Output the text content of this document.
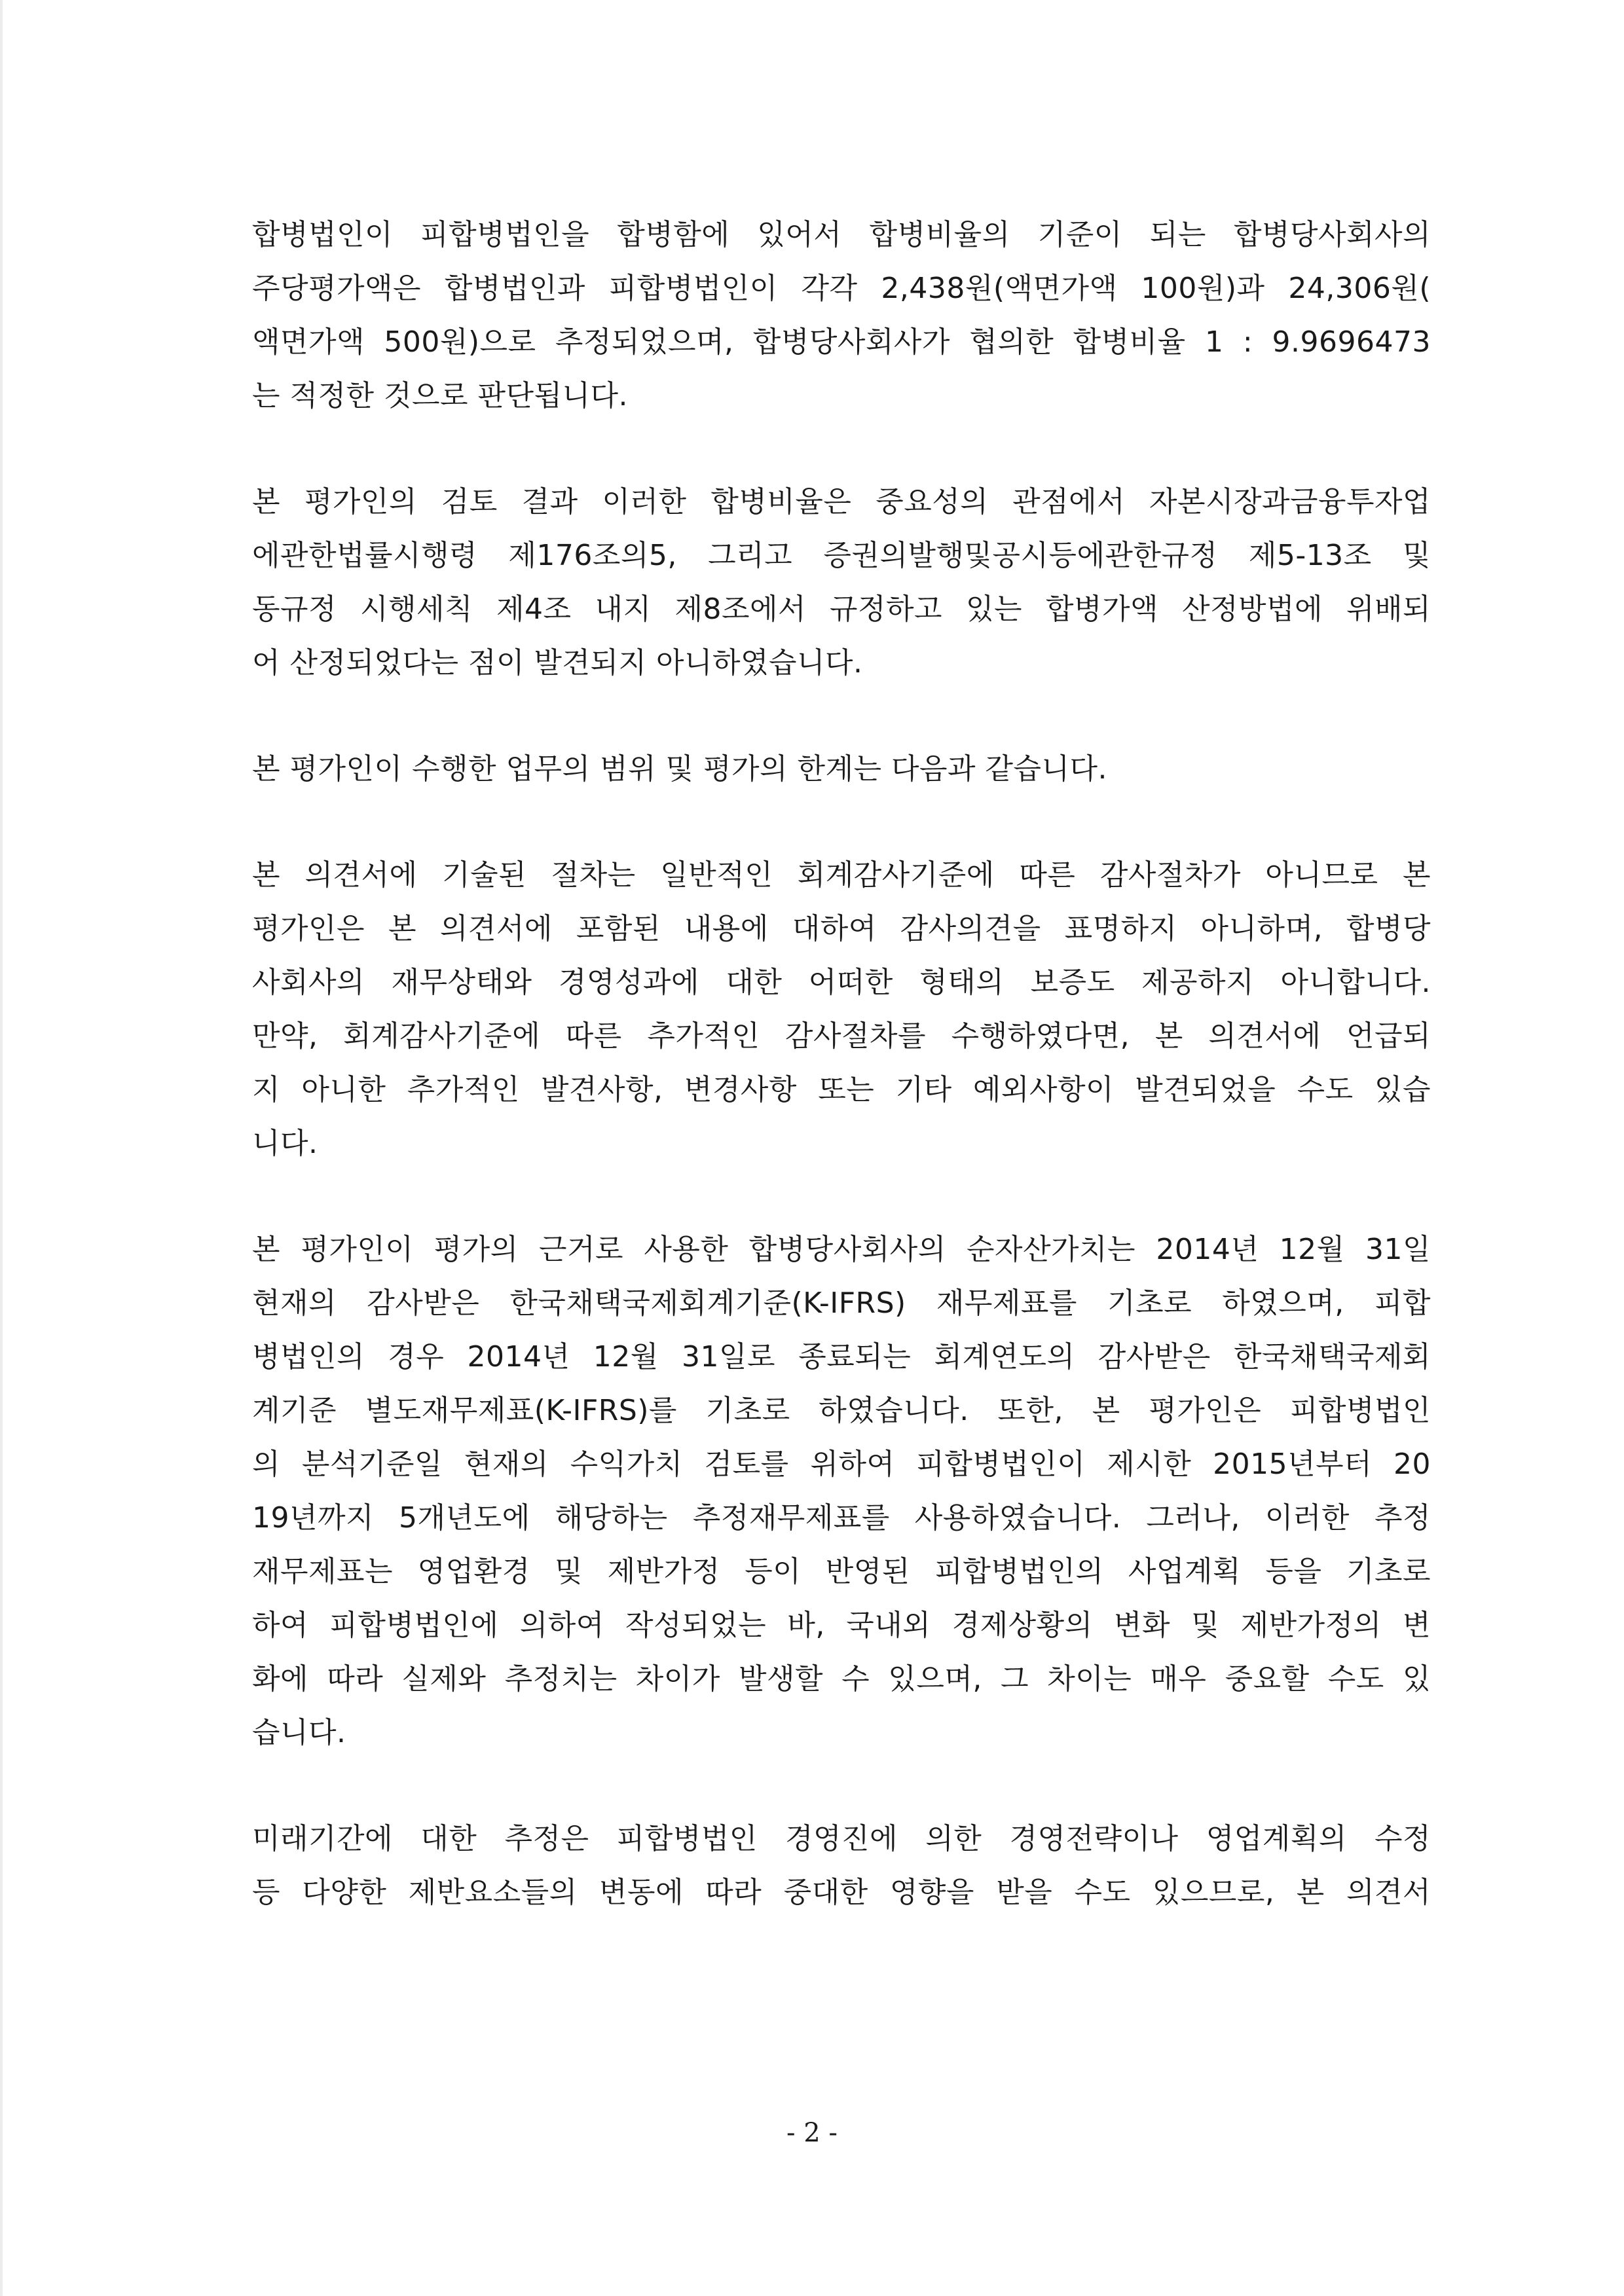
합병법인이 피합병법인을 합병함에 있어서 합병비율의 기준이 되는 합병당사회사의
주당평가액은 합병법인과 피합병법인이 각각 2,438원(액면가액 100원)과 24,306원(
액면가액 500원)으로 추정되었으며, 합병당사회사가 협의한 합병비율 1 : 9.9696473
는 적정한 것으로 판단됩니다.
본 평가인의 검토 결과 이러한 합병비율은 중요성의 관점에서 자본시장과금융투자업
에관한법률시행령 제176조의5, 그리고 증권의발행및공시등에관한규정 제5-13조 및
동규정 시행세칙 제4조 내지 제8조에서 규정하고 있는 합병가액 산정방법에 위배되
어 산정되었다는 점이 발견되지 아니하였습니다.
본 평가인이 수행한 업무의 범위 및 평가의 한계는 다음과 같습니다.
본 의견서에 기술된 절차는 일반적인 회계감사기준에 따른 감사절차가 아니므로 본
평가인은 본 의견서에 포함된 내용에 대하여 감사의견을 표명하지 아니하며, 합병당
사회사의 재무상태와 경영성과에 대한 어떠한 형태의 보증도 제공하지 아니합니다.
만약, 회계감사기준에 따른 추가적인 감사절차를 수행하였다면, 본 의견서에 언급되
지 아니한 추가적인 발견사항, 변경사항 또는 기타 예외사항이 발견되었을 수도 있습
니다.
본 평가인이 평가의 근거로 사용한 합병당사회사의 순자산가치는 2014년 12월 31일
현재의 감사받은 한국채택국제회계기준(K-IFRS) 재무제표를 기초로 하였으며, 피합
병법인의 경우 2014년 12월 31일로 종료되는 회계연도의 감사받은 한국채택국제회
계기준 별도재무제표(K-IFRS)를 기초로 하였습니다. 또한, 본 평가인은 피합병법인
의 분석기준일 현재의 수익가치 검토를 위하여 피합병법인이 제시한 2015년부터 20
19년까지 5개년도에 해당하는 추정재무제표를 사용하였습니다. 그러나, 이러한 추정
재무제표는 영업환경 및 제반가정 등이 반영된 피합병법인의 사업계획 등을 기초로
하여 피합병법인에 의하여 작성되었는 바, 국내외 경제상황의 변화 및 제반가정의 변
화에 따라 실제와 추정치는 차이가 발생할 수 있으며, 그 차이는 매우 중요할 수도 있
습니다.
미래기간에 대한 추정은 피합병법인 경영진에 의한 경영전략이나 영업계획의 수정
등 다양한 제반요소들의 변동에 따라 중대한 영향을 받을 수도 있으므로, 본 의견서
- 2 -
